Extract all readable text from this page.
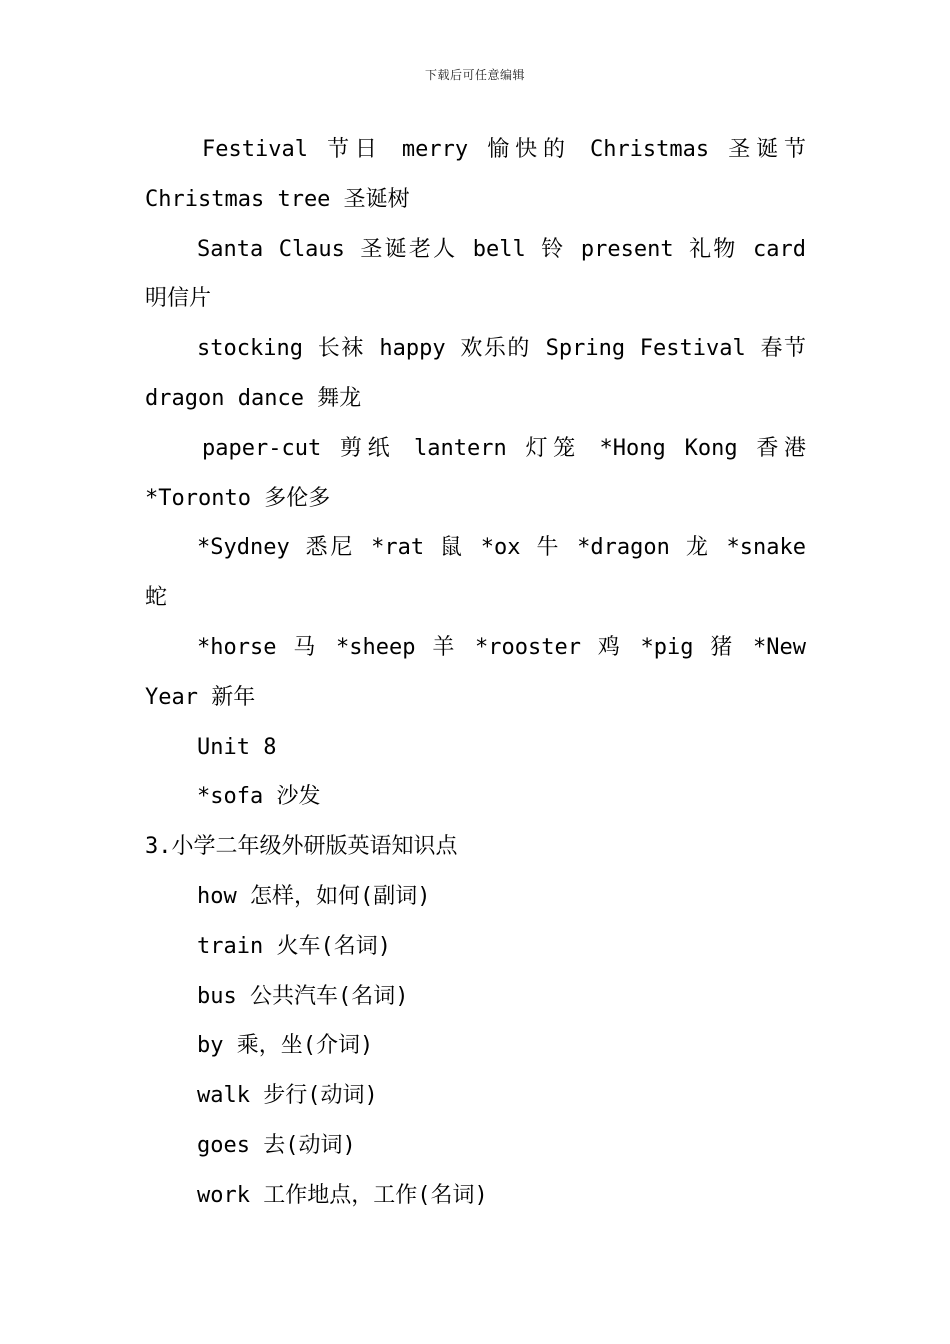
下载后可任意编辑
Festival 节日 merry 愉快的 Christmas 圣诞节
Christmas tree 圣诞树
Santa Claus 圣诞老人 bell 铃 present 礼物 card
明信片
stocking 长袜 happy 欢乐的 Spring Festival 春节
dragon dance 舞龙
paper-cut 剪纸 lantern 灯笼 *Hong Kong 香港
*Toronto 多伦多
*Sydney 悉尼 *rat 鼠 *ox 牛 *dragon 龙 *snake
蛇
*horse 马 *sheep 羊 *rooster 鸡 *pig 猪 *New
Year 新年
Unit 8
*sofa 沙发
3.小学二年级外研版英语知识点
how 怎样，如何(副词)
train 火车(名词)
bus 公共汽车(名词)
by 乘，坐(介词)
walk 步行(动词)
goes 去(动词)
work 工作地点，工作(名词)
